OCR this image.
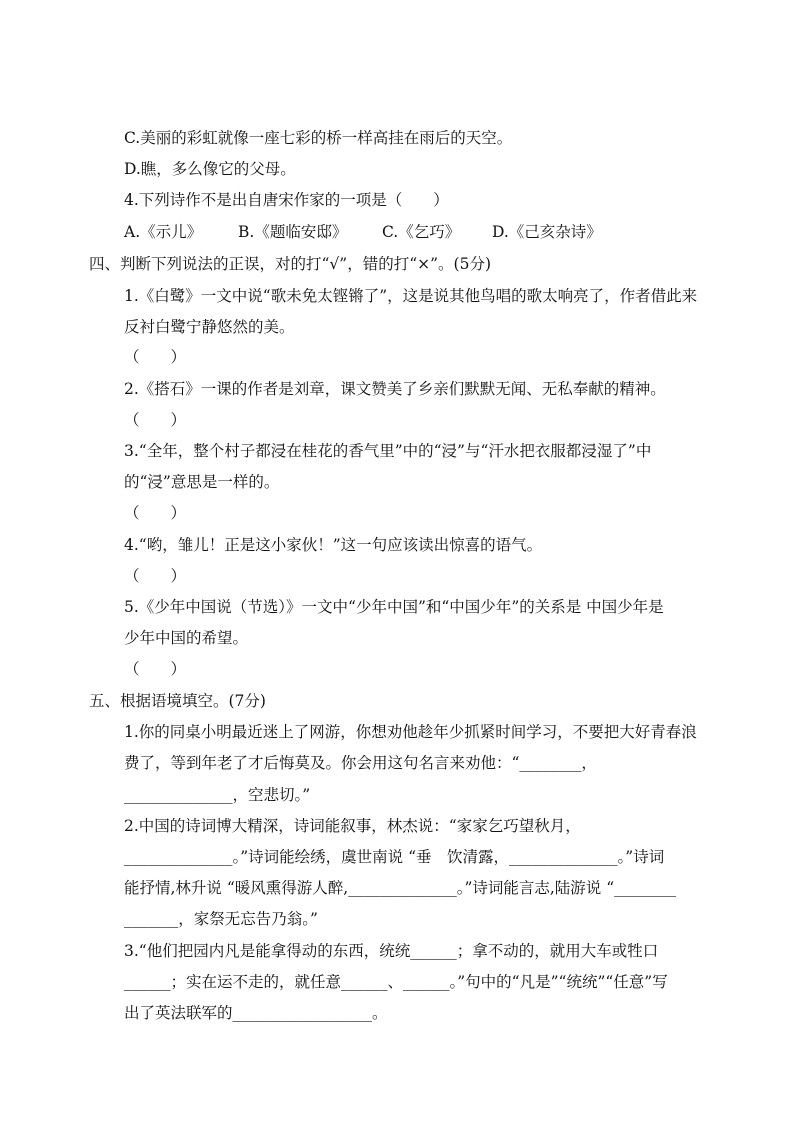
C.美丽的彩虹就像一座七彩的桥一样高挂在雨后的天空。
D.瞧，多么像它的父母。
4.下列诗作不是出自唐宋作家的一项是（　　）
A.《示儿》 B.《题临安邸》 C.《乞巧》 D.《己亥杂诗》
四、判断下列说法的正误，对的打“√”，错的打“×”。(5分)
1.《白鹭》一文中说“歌未免太铿锵了”，这是说其他鸟唱的歌太响亮了，作者借此来
反衬白鹭宁静悠然的美。
（　　）
2.《搭石》一课的作者是刘章，课文赞美了乡亲们默默无闻、无私奉献的精神。
（　　）
3.“全年，整个村子都浸在桂花的香气里”中的“浸”与“汗水把衣服都浸湿了”中
的“浸”意思是一样的。
（　　）
4.“哟，雏儿！正是这小家伙！”这一句应该读出惊喜的语气。
（　　）
5.《少年中国说（节选）》一文中“少年中国”和“中国少年”的关系是 中国少年是
少年中国的希望。
（　　）
五、根据语境填空。(7分)
1.你的同桌小明最近迷上了网游，你想劝他趁年少抓紧时间学习，不要把大好青春浪
费了，等到年老了才后悔莫及。你会用这句名言来劝他：“________，
______________，空悲切。”
2.中国的诗词博大精深，诗词能叙事，林杰说：“家家乞巧望秋月，
______________。”诗词能绘绣，虞世南说 “垂　饮清露，______________。”诗词
能抒情,林升说 “暖风熏得游人醉,______________。”诗词能言志,陆游说 “________
_______，家祭无忘告乃翁。”
3.“他们把园内凡是能拿得动的东西，统统______；拿不动的，就用大车或牲口
______；实在运不走的，就任意______、______。”句中的“凡是”“统统”“任意”写
出了英法联军的__________________。
